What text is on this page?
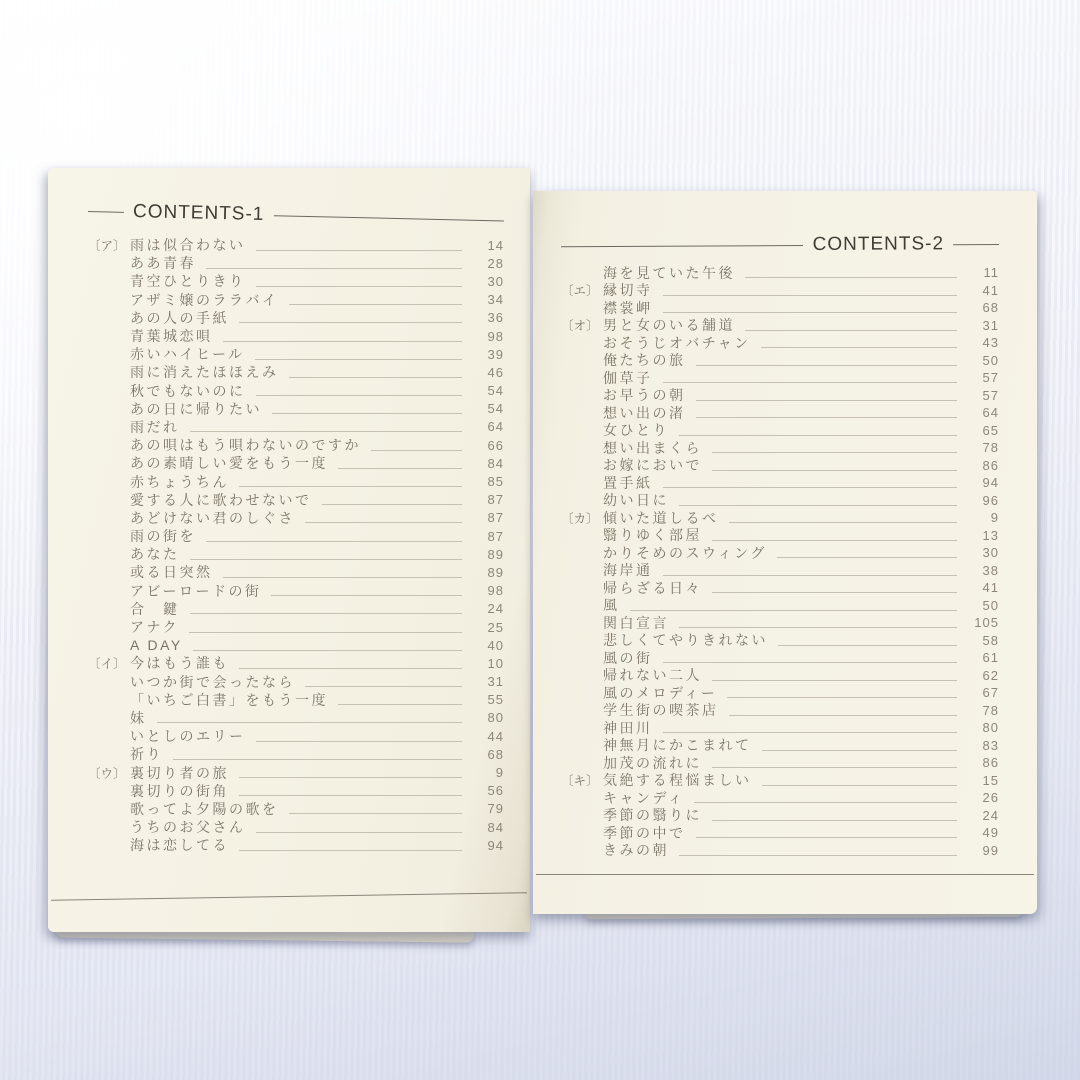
CONTENTS-1
〔ア〕 雨は似合わない	14
ああ青春	28
青空ひとりきり	30
アザミ嬢のララバイ	34
あの人の手紙	36
青葉城恋唄	98
赤いハイヒール	39
雨に消えたほほえみ	46
秋でもないのに	54
あの日に帰りたい	54
雨だれ	64
あの唄はもう唄わないのですか	66
あの素晴しい愛をもう一度	84
赤ちょうちん	85
愛する人に歌わせないで	87
あどけない君のしぐさ	87
雨の街を	87
あなた	89
或る日突然	89
アビーロードの街	98
合　鍵	24
アナク	25
A DAY	40
〔イ〕 今はもう誰も	10
いつか街で会ったなら	31
「いちご白書」をもう一度	55
妹	80
いとしのエリー	44
祈り	68
〔ウ〕 裏切り者の旅	9
裏切りの街角	56
歌ってよ夕陽の歌を	79
うちのお父さん	84
海は恋してる	94
CONTENTS-2
海を見ていた午後	11
〔エ〕 縁切寺	41
襟裳岬	68
〔オ〕 男と女のいる舗道	31
おそうじオバチャン	43
俺たちの旅	50
伽草子	57
お早うの朝	57
想い出の渚	64
女ひとり	65
想い出まくら	78
お嫁においで	86
置手紙	94
幼い日に	96
〔カ〕 傾いた道しるべ	9
翳りゆく部屋	13
かりそめのスウィング	30
海岸通	38
帰らざる日々	41
風	50
関白宣言	105
悲しくてやりきれない	58
風の街	61
帰れない二人	62
風のメロディー	67
学生街の喫茶店	78
神田川	80
神無月にかこまれて	83
加茂の流れに	86
〔キ〕 気絶する程悩ましい	15
キャンディ	26
季節の翳りに	24
季節の中で	49
きみの朝	99
